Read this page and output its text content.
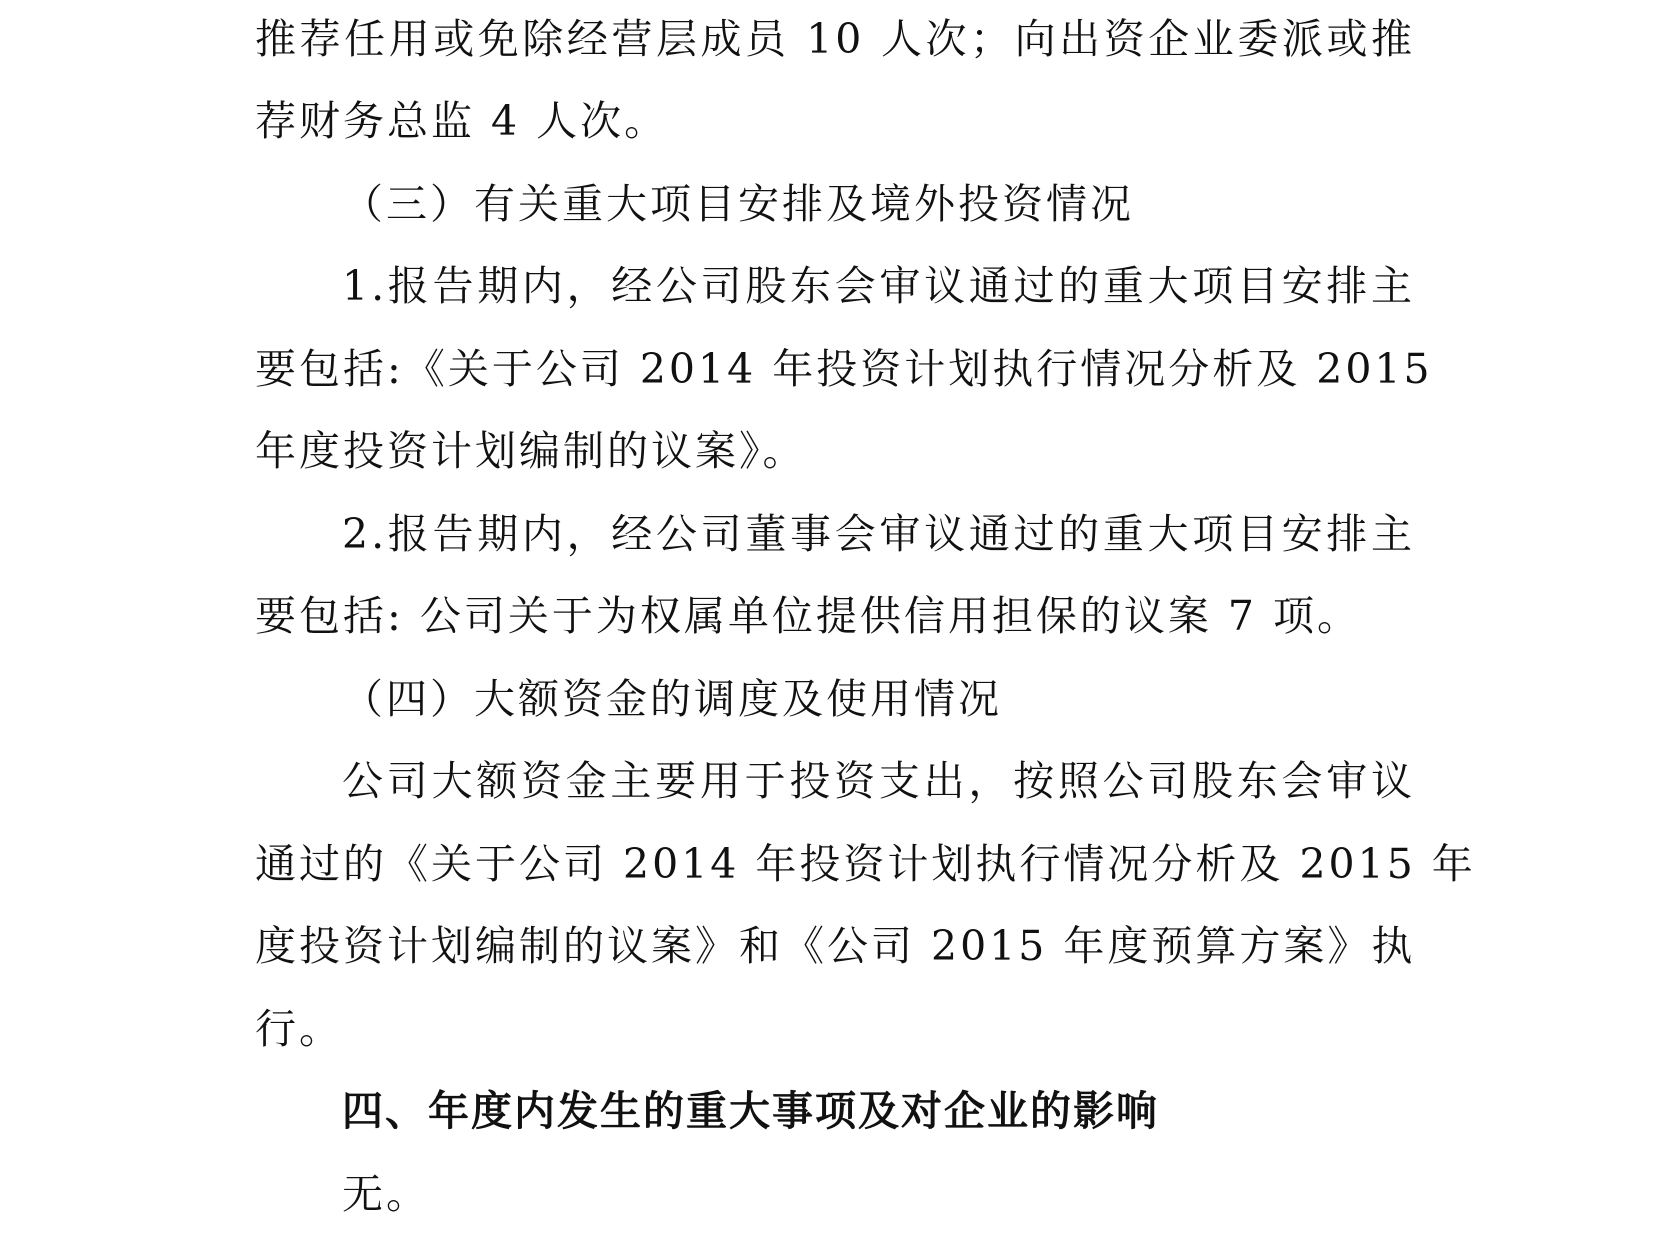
推荐任用或免除经营层成员 10 人次；向出资企业委派或推
荐财务总监 4 人次。
（三）有关重大项目安排及境外投资情况
1.报告期内，经公司股东会审议通过的重大项目安排主
要包括:《关于公司 2014 年投资计划执行情况分析及 2015
年度投资计划编制的议案》。
2.报告期内，经公司董事会审议通过的重大项目安排主
要包括: 公司关于为权属单位提供信用担保的议案 7 项。
（四）大额资金的调度及使用情况
公司大额资金主要用于投资支出，按照公司股东会审议
通过的《关于公司 2014 年投资计划执行情况分析及 2015 年
度投资计划编制的议案》和《公司 2015 年度预算方案》执
行。
四、年度内发生的重大事项及对企业的影响
无。
